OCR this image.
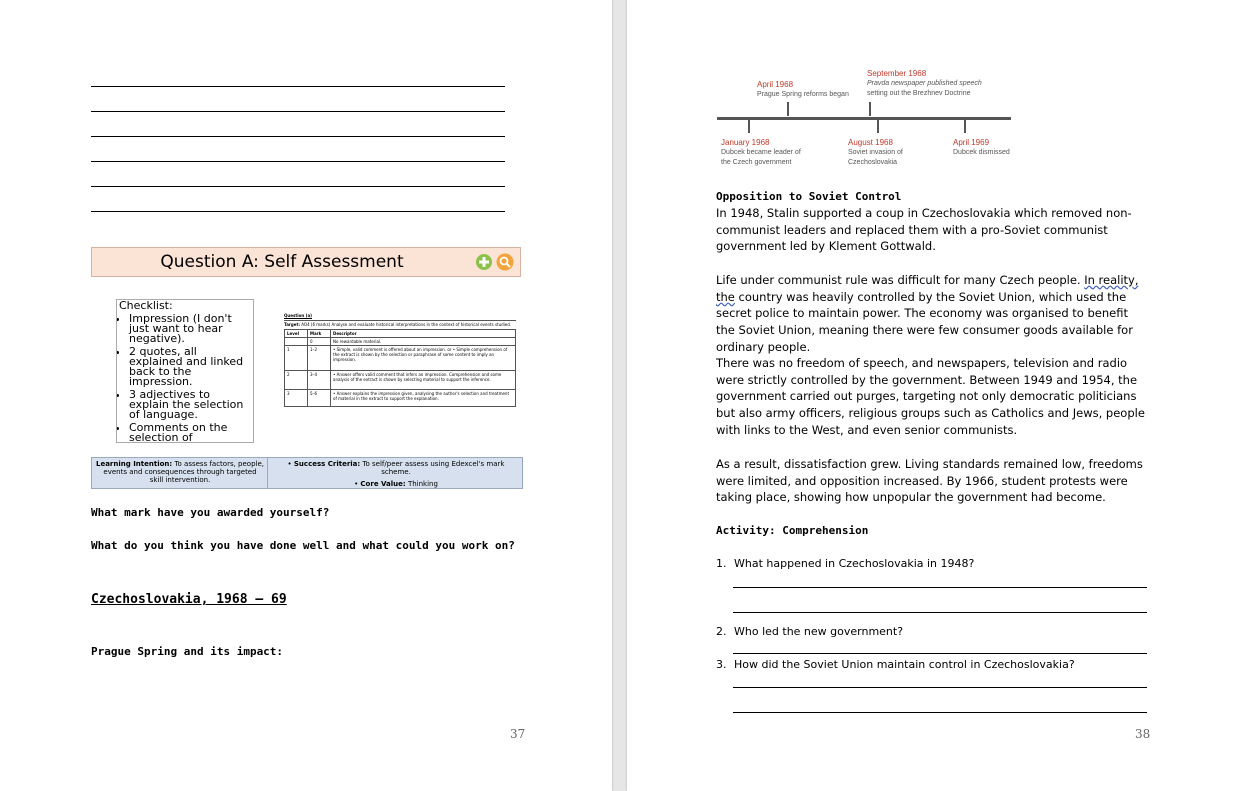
Question A: Self Assessment
Checklist:
• Impression (I don't just want to hear negative).
• 2 quotes, all explained and linked back to the impression.
• 3 adjectives to explain the selection of language.
• Comments on the selection of
Question (a)
Target: AO4 (6 marks) Analyse and evaluate historical interpretations in the context of historical events studied.
Level	Mark	Descriptor
	0	No rewardable material.
1	1–2	• Simple, valid comment is offered about an impression. or • Simple comprehension of the extract is shown by the selection or paraphrase of some content to imply an impression.
2	3–4	• Answer offers valid comment that infers an impression. Comprehension and some analysis of the extract is shown by selecting material to support the inference.
3	5–6	• Answer explains the impression given, analysing the author's selection and treatment of material in the extract to support the explanation.
Learning Intention: To assess factors, people, events and consequences through targeted skill intervention.
• Success Criteria: To self/peer assess using Edexcel's mark scheme.
• Core Value: Thinking
What mark have you awarded yourself?
What do you think you have done well and what could you work on?
Czechoslovakia, 1968 – 69
Prague Spring and its impact:
37
April 1968
Prague Spring reforms began
September 1968
Pravda newspaper published speech
setting out the Brezhnev Doctrine
January 1968
Dubcek became leader of
the Czech government
August 1968
Soviet invasion of
Czechoslovakia
April 1969
Dubcek dismissed
Opposition to Soviet Control
In 1948, Stalin supported a coup in Czechoslovakia which removed non-communist leaders and replaced them with a pro-Soviet communist government led by Klement Gottwald.
Life under communist rule was difficult for many Czech people. In reality, the country was heavily controlled by the Soviet Union, which used the secret police to maintain power. The economy was organised to benefit the Soviet Union, meaning there were few consumer goods available for ordinary people.
There was no freedom of speech, and newspapers, television and radio were strictly controlled by the government. Between 1949 and 1954, the government carried out purges, targeting not only democratic politicians but also army officers, religious groups such as Catholics and Jews, people with links to the West, and even senior communists.
As a result, dissatisfaction grew. Living standards remained low, freedoms were limited, and opposition increased. By 1966, student protests were taking place, showing how unpopular the government had become.
Activity: Comprehension
1. What happened in Czechoslovakia in 1948?
2. Who led the new government?
3. How did the Soviet Union maintain control in Czechoslovakia?
38
